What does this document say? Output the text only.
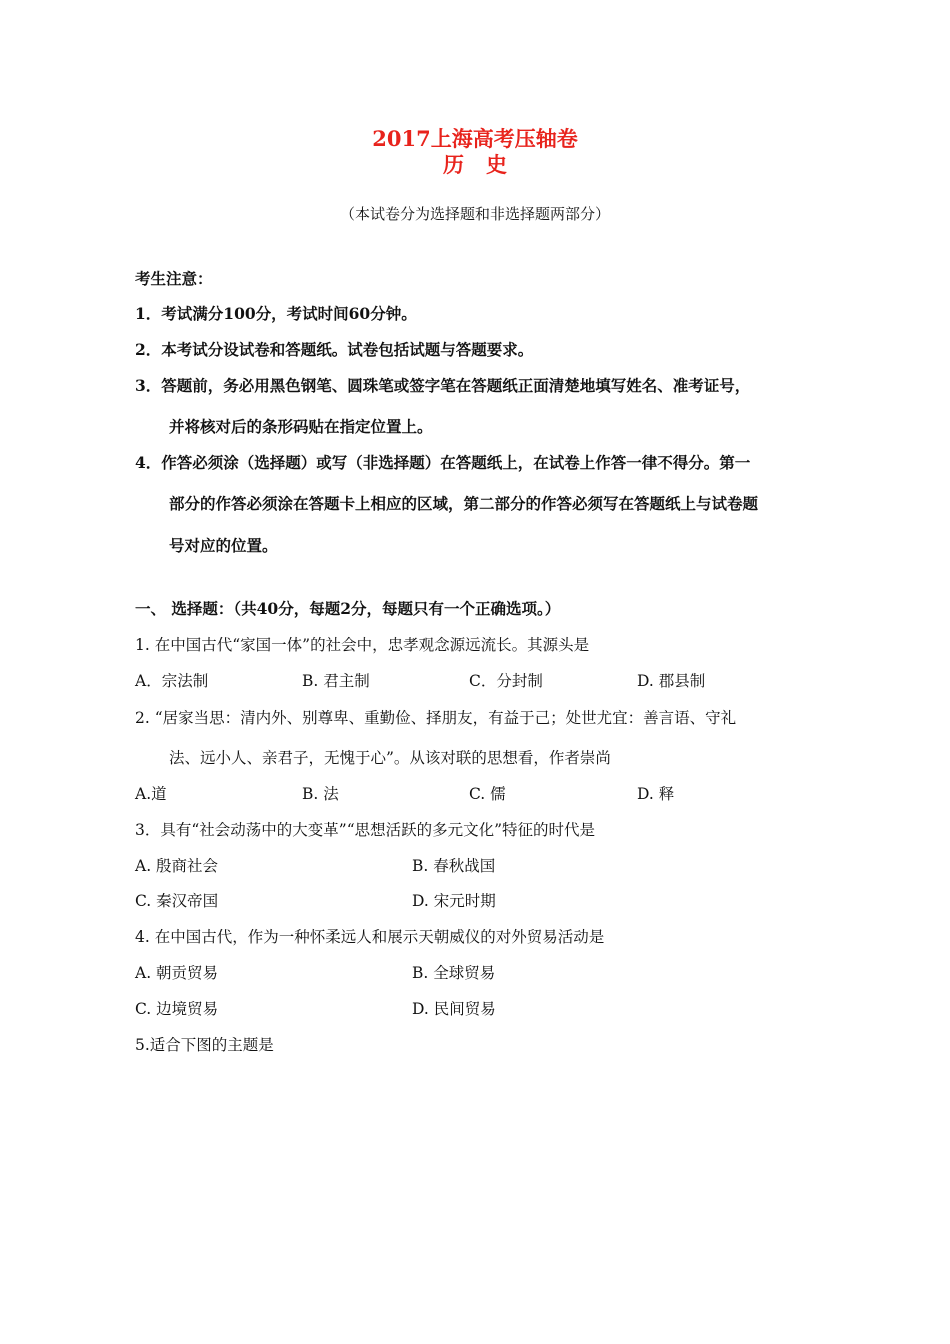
2017上海高考压轴卷
历史
（本试卷分为选择题和非选择题两部分）
考生注意：
1．考试满分100分，考试时间60分钟。
2．本考试分设试卷和答题纸。试卷包括试题与答题要求。
3．答题前，务必用黑色钢笔、圆珠笔或签字笔在答题纸正面清楚地填写姓名、准考证号，
并将核对后的条形码贴在指定位置上。
4．作答必须涂（选择题）或写（非选择题）在答题纸上，在试卷上作答一律不得分。第一
部分的作答必须涂在答题卡上相应的区域，第二部分的作答必须写在答题纸上与试卷题
号对应的位置。
一、 选择题：（共40分，每题2分，每题只有一个正确选项。）
1. 在中国古代“家国一体”的社会中，忠孝观念源远流长。其源头是
A．宗法制	B. 君主制	C．分封制	D. 郡县制
2. “居家当思：清内外、别尊卑、重勤俭、择朋友，有益于己；处世尤宜：善言语、守礼
法、远小人、亲君子，无愧于心”。从该对联的思想看，作者崇尚
A.道	B. 法	C. 儒	D. 释
3．具有“社会动荡中的大变革”“思想活跃的多元文化”特征的时代是
A. 殷商社会	B. 春秋战国
C. 秦汉帝国	D. 宋元时期
4. 在中国古代，作为一种怀柔远人和展示天朝威仪的对外贸易活动是
A. 朝贡贸易	B. 全球贸易
C. 边境贸易	D. 民间贸易
5.适合下图的主题是
